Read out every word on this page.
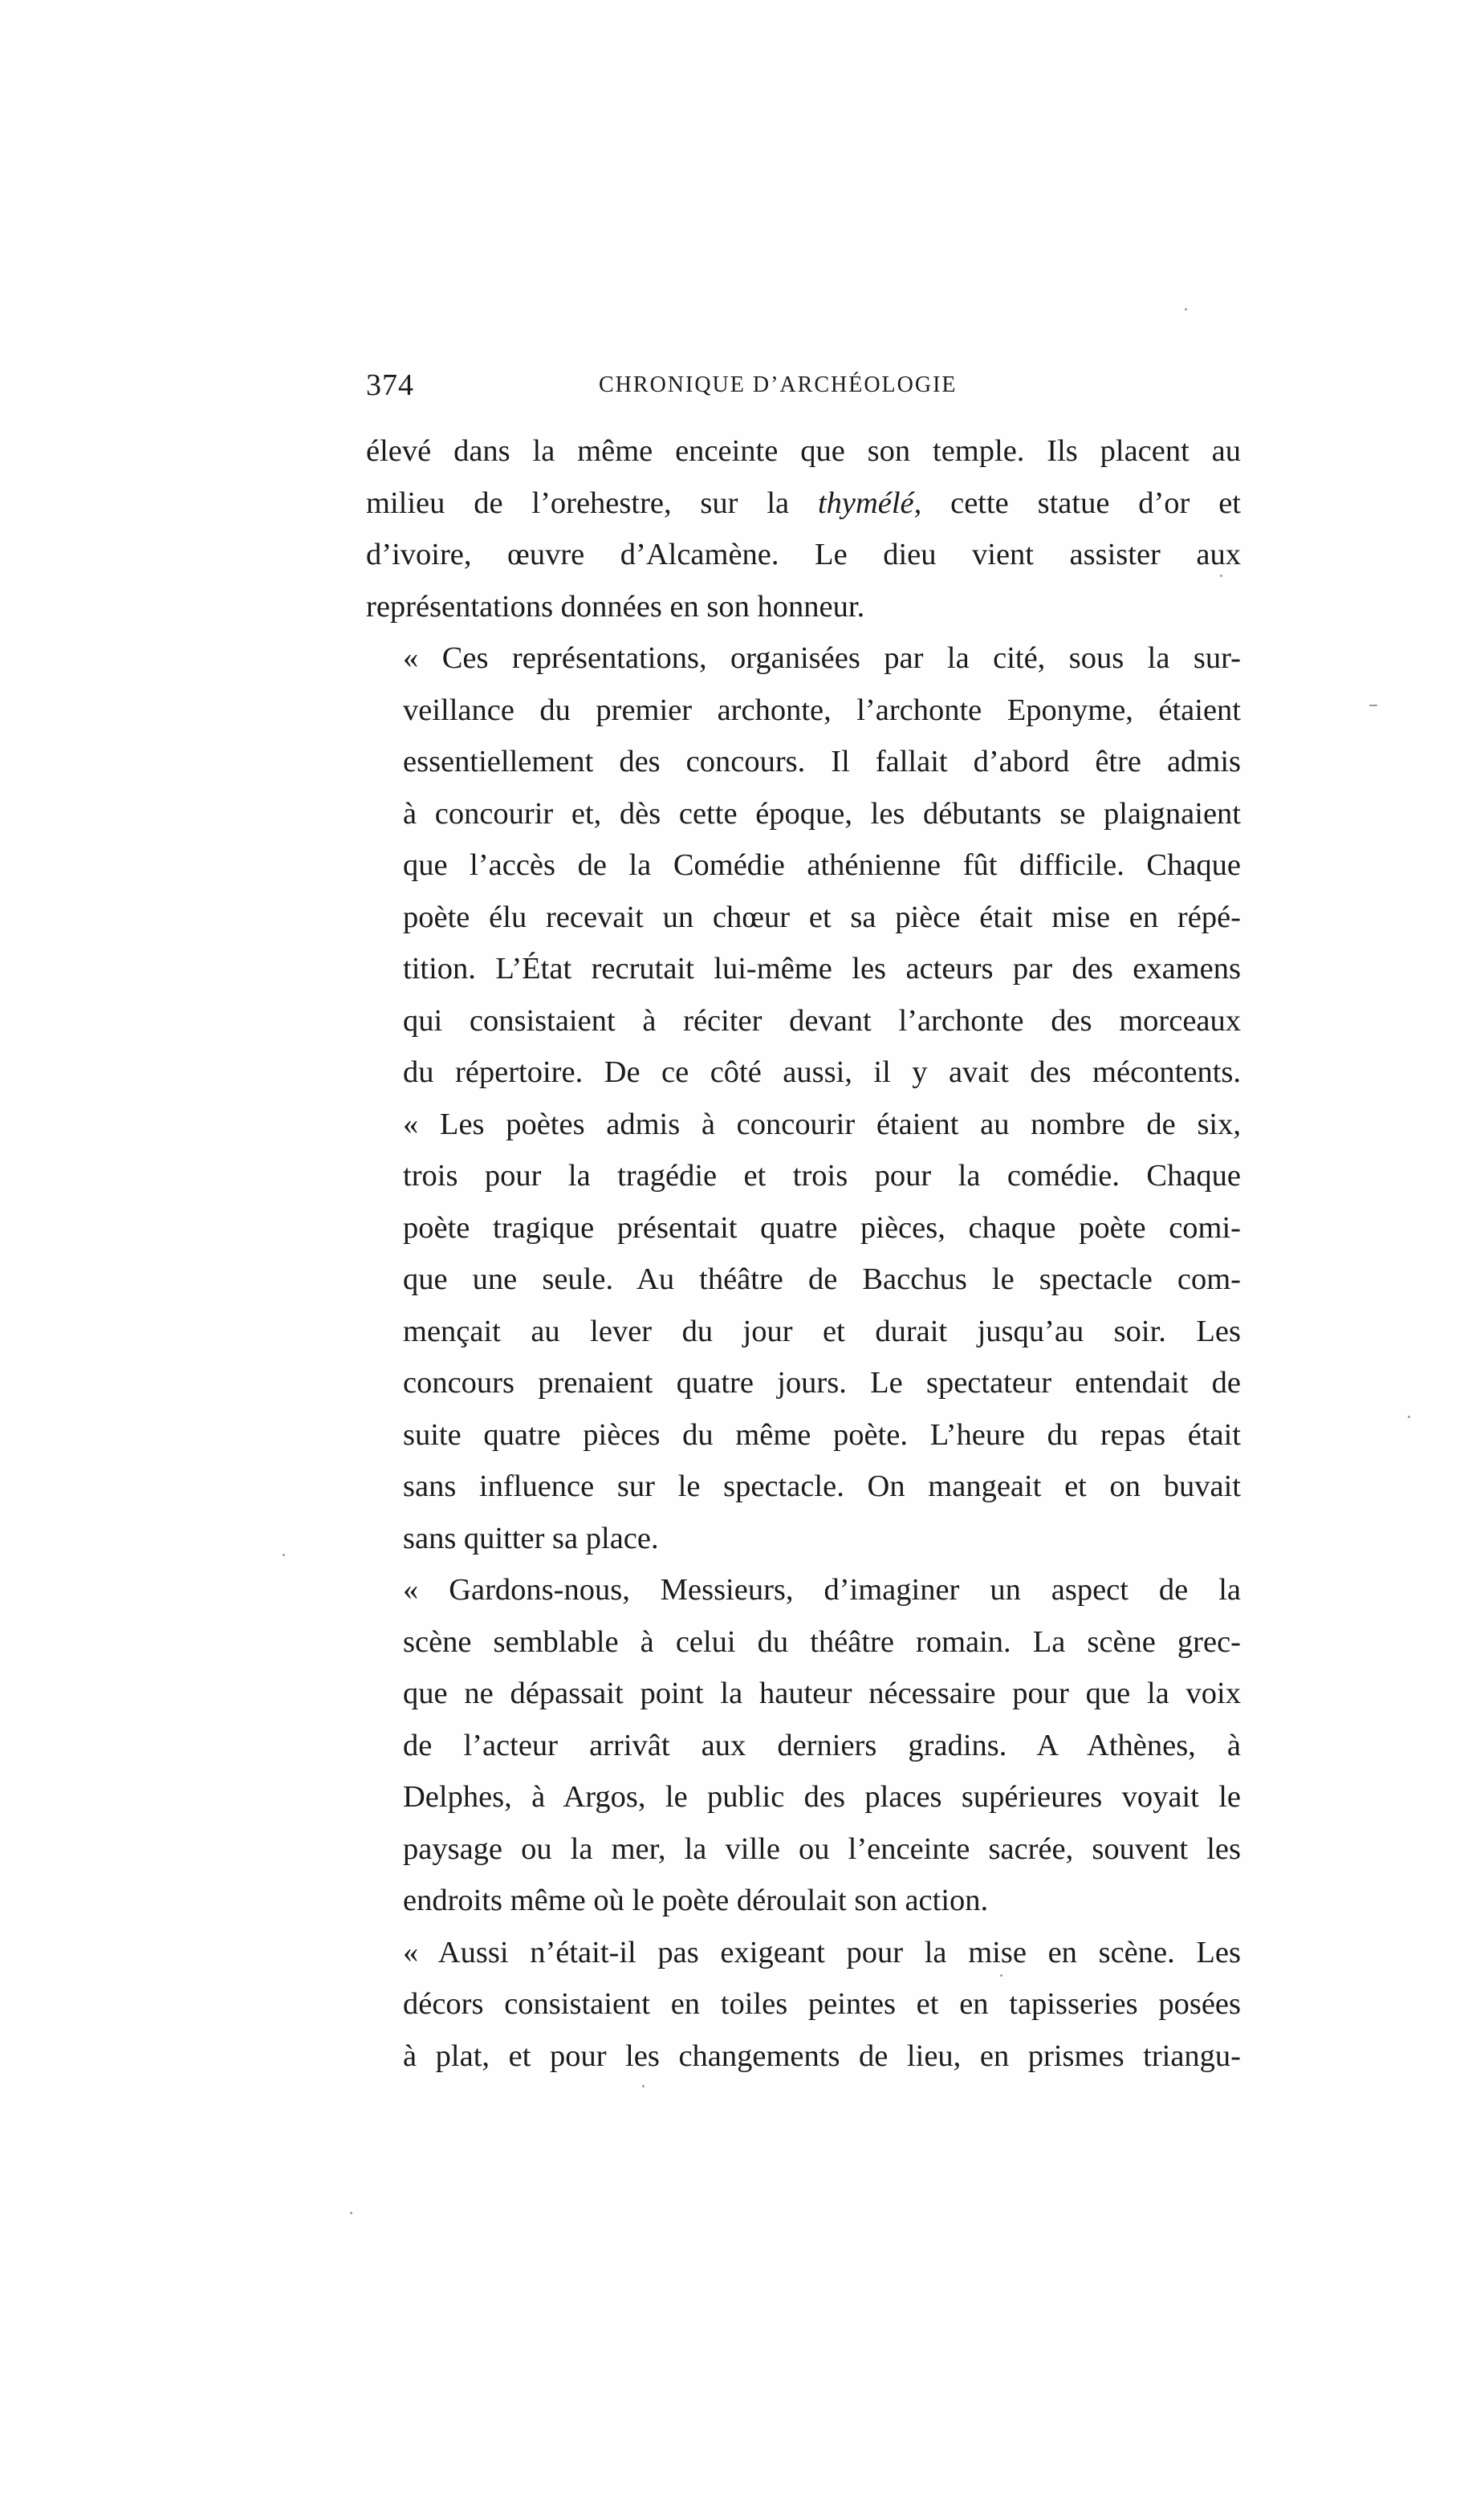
374	CHRONIQUE D’ARCHÉOLOGIE

élevé dans la même enceinte que son temple. Ils placent au
milieu de l’orehestre, sur la thymélé, cette statue d’or et
d’ivoire, œuvre d’Alcamène. Le dieu vient assister aux
représentations données en son honneur.

« Ces représentations, organisées par la cité, sous la sur-
veillance du premier archonte, l’archonte Eponyme, étaient
essentiellement des concours. Il fallait d’abord être admis
à concourir et, dès cette époque, les débutants se plaignaient
que l’accès de la Comédie athénienne fût difficile. Chaque
poète élu recevait un chœur et sa pièce était mise en répé-
tition. L’État recrutait lui-même les acteurs par des examens
qui consistaient à réciter devant l’archonte des morceaux
du répertoire. De ce côté aussi, il y avait des mécontents.

« Les poètes admis à concourir étaient au nombre de six,
trois pour la tragédie et trois pour la comédie. Chaque
poète tragique présentait quatre pièces, chaque poète comi-
que une seule. Au théâtre de Bacchus le spectacle com-
mençait au lever du jour et durait jusqu’au soir. Les
concours prenaient quatre jours. Le spectateur entendait de
suite quatre pièces du même poète. L’heure du repas était
sans influence sur le spectacle. On mangeait et on buvait
sans quitter sa place.

« Gardons-nous, Messieurs, d’imaginer un aspect de la
scène semblable à celui du théâtre romain. La scène grec-
que ne dépassait point la hauteur nécessaire pour que la voix
de l’acteur arrivât aux derniers gradins. A Athènes, à
Delphes, à Argos, le public des places supérieures voyait le
paysage ou la mer, la ville ou l’enceinte sacrée, souvent les
endroits même où le poète déroulait son action.

« Aussi n’était-il pas exigeant pour la mise en scène. Les
décors consistaient en toiles peintes et en tapisseries posées
à plat, et pour les changements de lieu, en prismes triangu-
